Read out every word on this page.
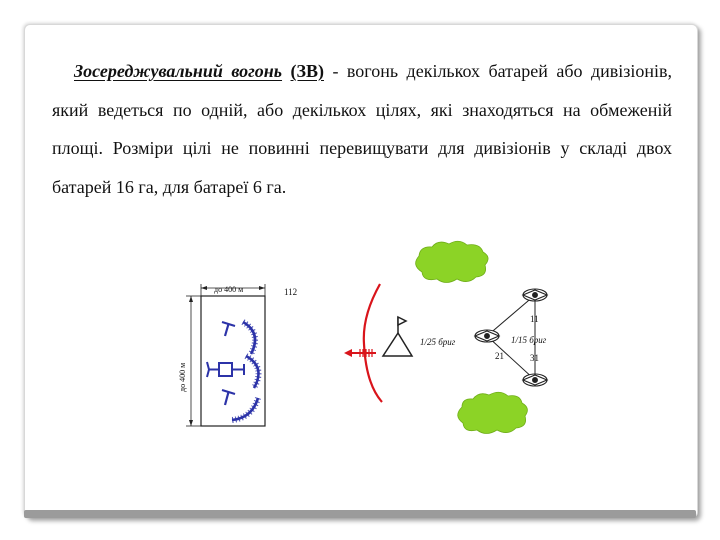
Зосереджувальний вогонь (ЗВ) - вогонь декількох батарей або дивізіонів, який ведеться по одній, або декількох цілях, які знаходяться на обмеженій площі. Розміри цілі не повинні перевищувати для дивізіонів у складі двох батарей 16 га, для батареї 6 га.

до 400 м
до 400 м
112
11
1/25 бриг	1/15 бриг
21	31
